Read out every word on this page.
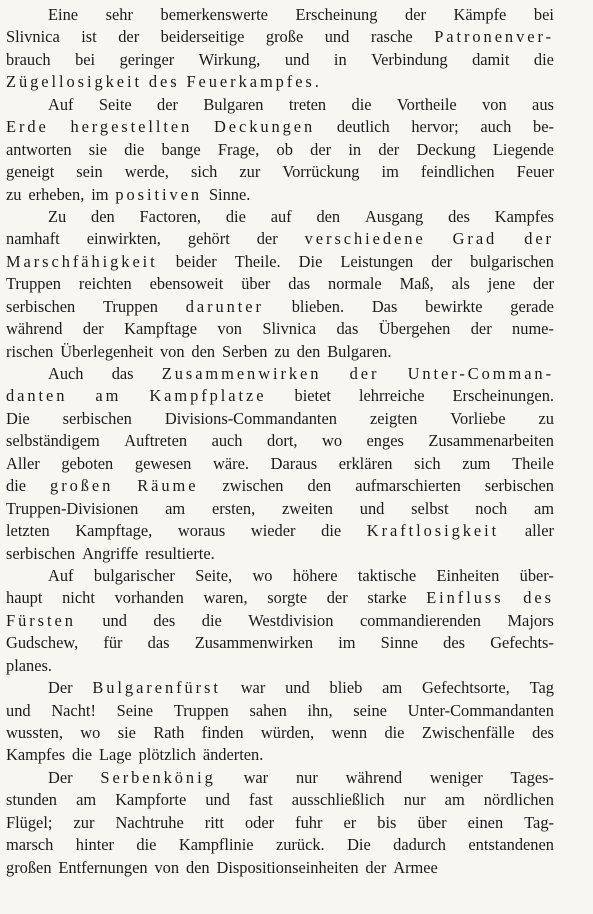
Eine sehr bemerkenswerte Erscheinung der Kämpfe bei
Slivnica ist der beiderseitige große und rasche Patronenver-
brauch bei geringer Wirkung, und in Verbindung damit die
Zügellosigkeit des Feuerkampfes.
Auf Seite der Bulgaren treten die Vortheile von aus
Erde hergestellten Deckungen deutlich hervor; auch be-
antworten sie die bange Frage, ob der in der Deckung Liegende
geneigt sein werde, sich zur Vorrückung im feindlichen Feuer
zu erheben, im positiven Sinne.
Zu den Factoren, die auf den Ausgang des Kampfes
namhaft einwirkten, gehört der verschiedene Grad der
Marschfähigkeit beider Theile. Die Leistungen der bulgarischen
Truppen reichten ebensoweit über das normale Maß, als jene der
serbischen Truppen darunter blieben. Das bewirkte gerade
während der Kampftage von Slivnica das Übergehen der nume-
rischen Überlegenheit von den Serben zu den Bulgaren.
Auch das Zusammenwirken der Unter-Comman-
danten am Kampfplatze bietet lehrreiche Erscheinungen.
Die serbischen Divisions-Commandanten zeigten Vorliebe zu
selbständigem Auftreten auch dort, wo enges Zusammenarbeiten
Aller geboten gewesen wäre. Daraus erklären sich zum Theile
die großen Räume zwischen den aufmarschierten serbischen
Truppen-Divisionen am ersten, zweiten und selbst noch am
letzten Kampftage, woraus wieder die Kraftlosigkeit aller
serbischen Angriffe resultierte.
Auf bulgarischer Seite, wo höhere taktische Einheiten über-
haupt nicht vorhanden waren, sorgte der starke Einfluss des
Fürsten und des die Westdivision commandierenden Majors
Gudschew, für das Zusammenwirken im Sinne des Gefechts-
planes.
Der Bulgarenfürst war und blieb am Gefechtsorte, Tag
und Nacht! Seine Truppen sahen ihn, seine Unter-Commandanten
wussten, wo sie Rath finden würden, wenn die Zwischenfälle des
Kampfes die Lage plötzlich änderten.
Der Serbenkönig war nur während weniger Tages-
stunden am Kampforte und fast ausschließlich nur am nördlichen
Flügel; zur Nachtruhe ritt oder fuhr er bis über einen Tag-
marsch hinter die Kampflinie zurück. Die dadurch entstandenen
großen Entfernungen von den Dispositionseinheiten der Armee
